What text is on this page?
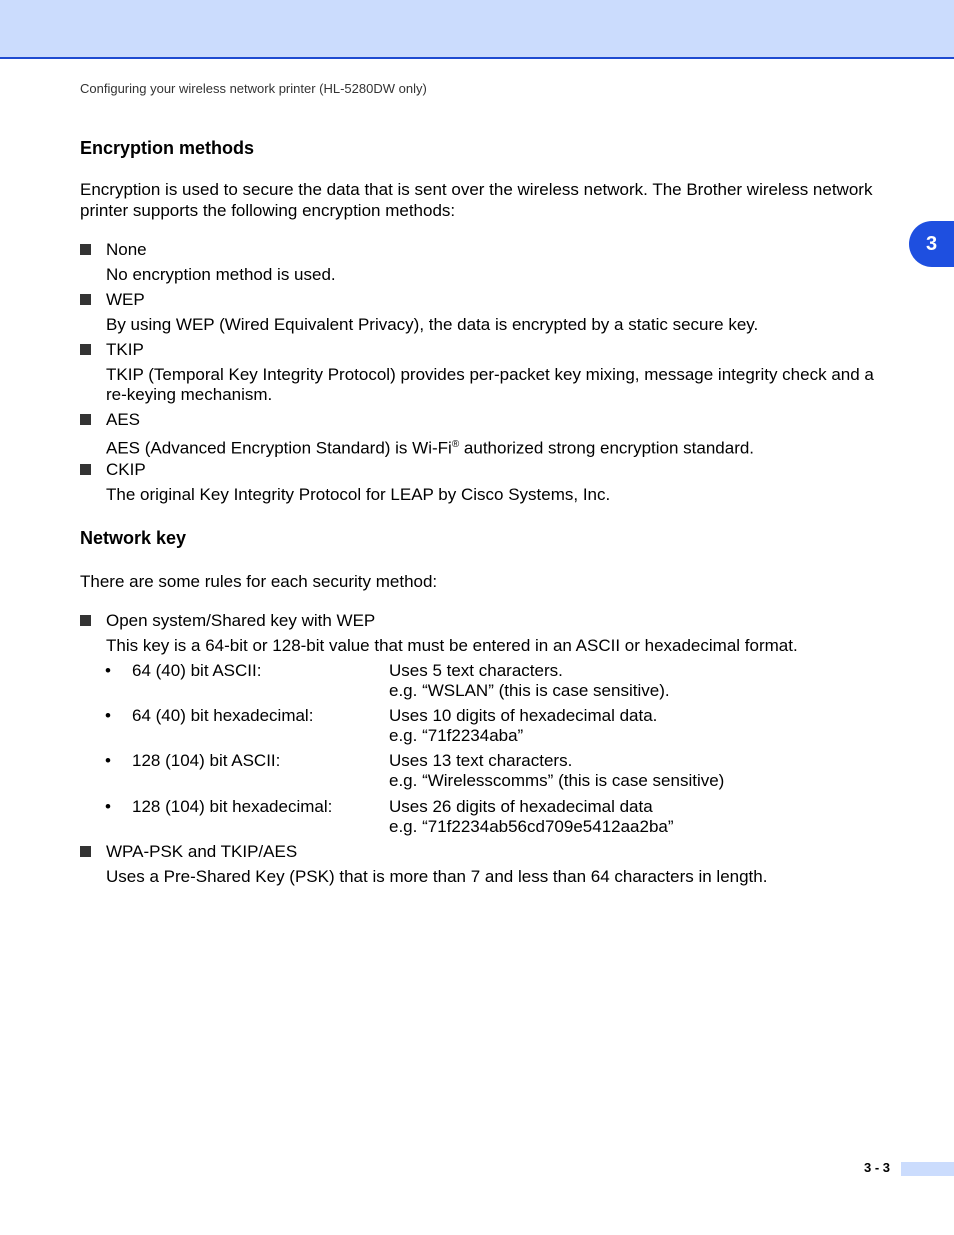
Configuring your wireless network printer (HL-5280DW only)
3
Encryption methods

Encryption is used to secure the data that is sent over the wireless network. The Brother wireless network printer supports the following encryption methods:

None
No encryption method is used.
WEP
By using WEP (Wired Equivalent Privacy), the data is encrypted by a static secure key.
TKIP
TKIP (Temporal Key Integrity Protocol) provides per-packet key mixing, message integrity check and a re-keying mechanism.
AES
AES (Advanced Encryption Standard) is Wi-Fi® authorized strong encryption standard.
CKIP
The original Key Integrity Protocol for LEAP by Cisco Systems, Inc.
Network key

There are some rules for each security method:

Open system/Shared key with WEP
This key is a 64-bit or 128-bit value that must be entered in an ASCII or hexadecimal format.
• 64 (40) bit ASCII:	Uses 5 text characters.
e.g. “WSLAN” (this is case sensitive).
• 64 (40) bit hexadecimal:	Uses 10 digits of hexadecimal data.
e.g. “71f2234aba”
• 128 (104) bit ASCII:	Uses 13 text characters.
e.g. “Wirelesscomms” (this is case sensitive)
• 128 (104) bit hexadecimal:	Uses 26 digits of hexadecimal data
e.g. “71f2234ab56cd709e5412aa2ba”
WPA-PSK and TKIP/AES
Uses a Pre-Shared Key (PSK) that is more than 7 and less than 64 characters in length.
3 - 3
